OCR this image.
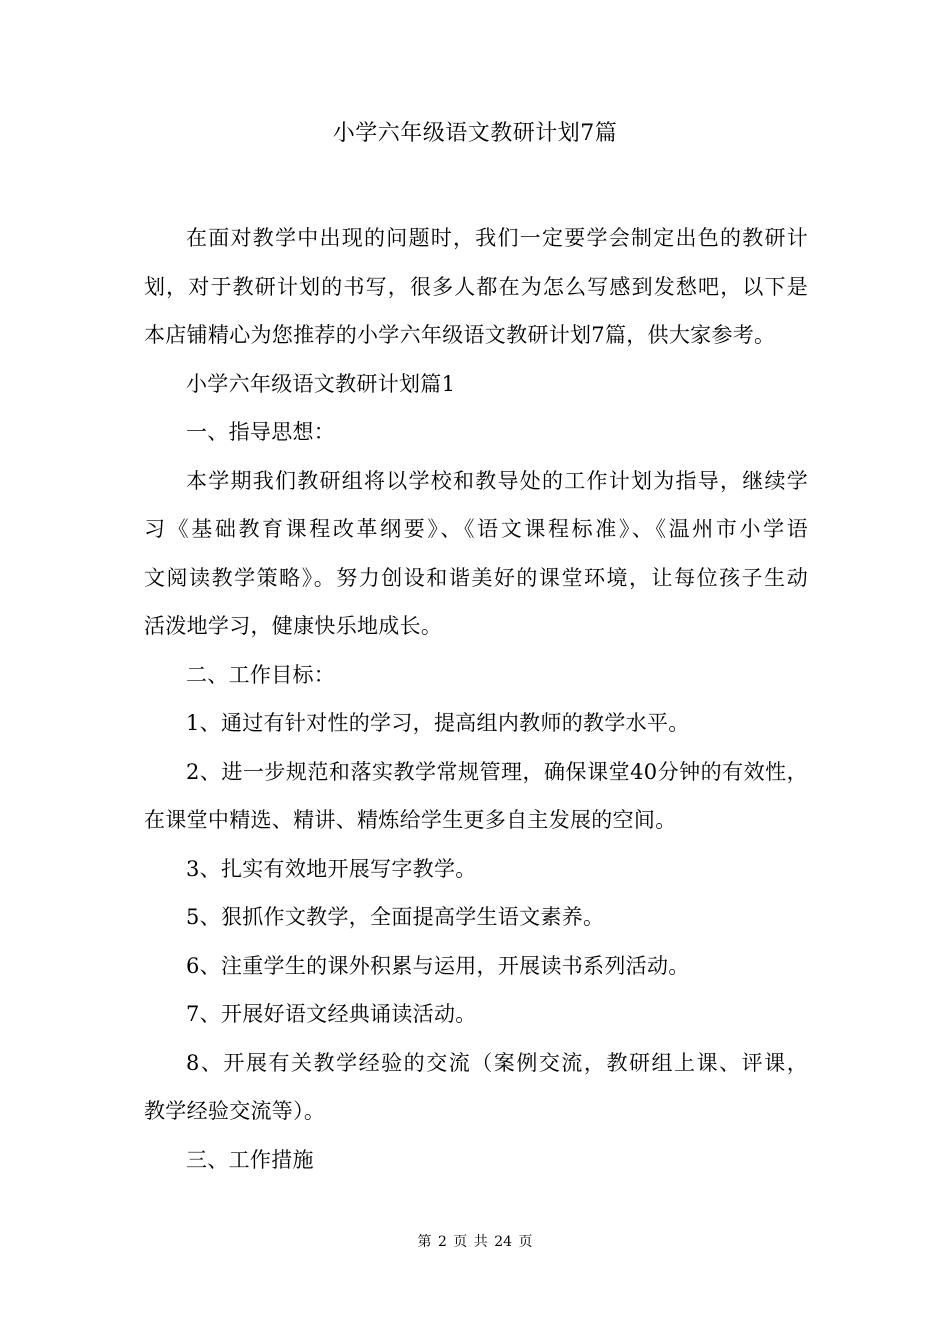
小学六年级语文教研计划7篇
在面对教学中出现的问题时，我们一定要学会制定出色的教研计
划，对于教研计划的书写，很多人都在为怎么写感到发愁吧，以下是
本店铺精心为您推荐的小学六年级语文教研计划7篇，供大家参考。
小学六年级语文教研计划篇1
一、指导思想：
本学期我们教研组将以学校和教导处的工作计划为指导，继续学
习《基础教育课程改革纲要》、《语文课程标准》、《温州市小学语
文阅读教学策略》。努力创设和谐美好的课堂环境，让每位孩子生动
活泼地学习，健康快乐地成长。
二、工作目标：
1、通过有针对性的学习，提高组内教师的教学水平。
2、进一步规范和落实教学常规管理，确保课堂40分钟的有效性，
在课堂中精选、精讲、精炼给学生更多自主发展的空间。
3、扎实有效地开展写字教学。
5、狠抓作文教学，全面提高学生语文素养。
6、注重学生的课外积累与运用，开展读书系列活动。
7、开展好语文经典诵读活动。
8、开展有关教学经验的交流（案例交流，教研组上课、评课，
教学经验交流等）。
三、工作措施
第 2 页 共 24 页
